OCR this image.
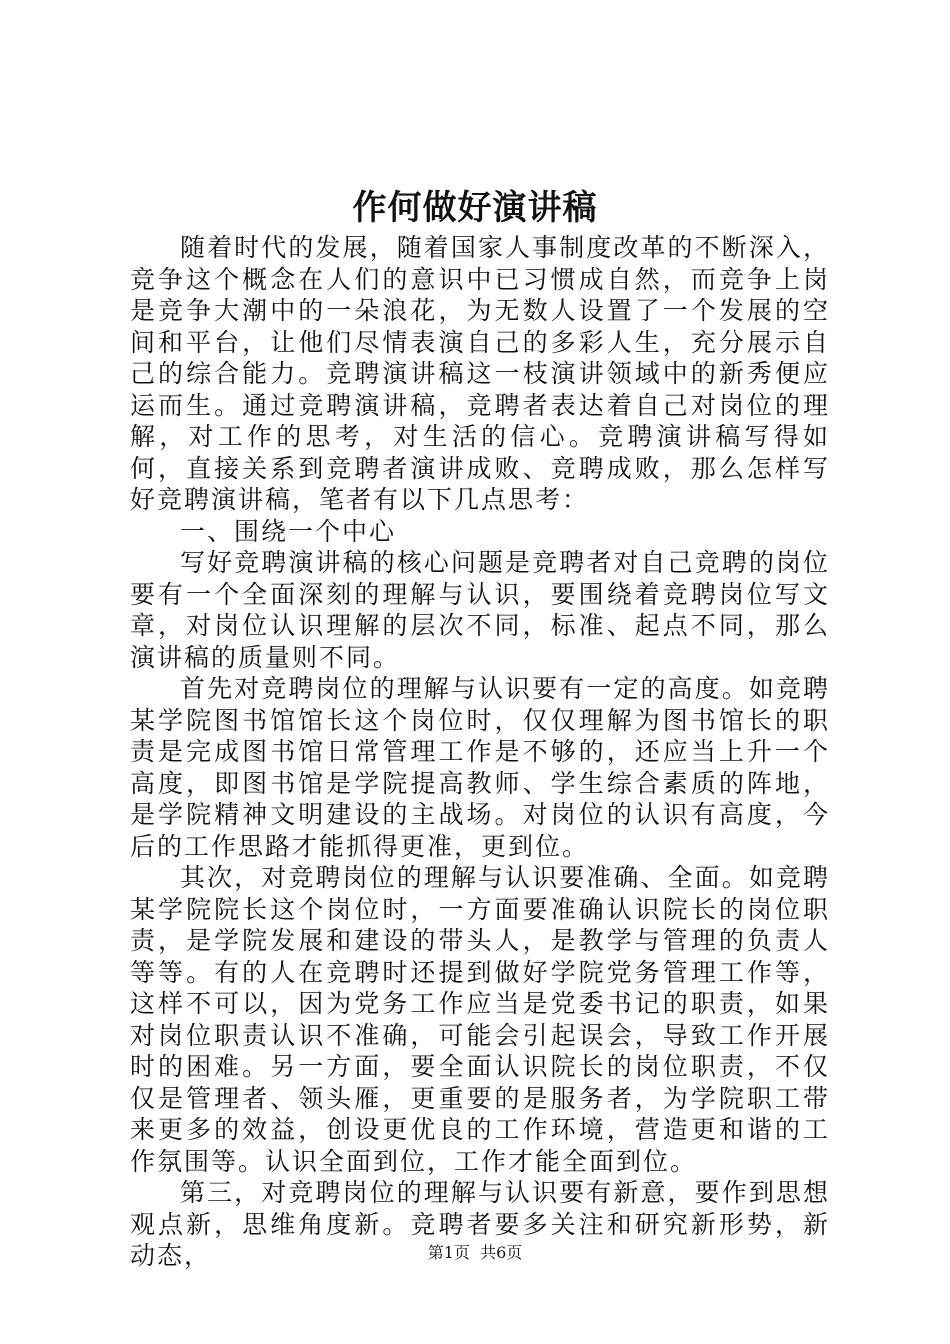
作何做好演讲稿

随着时代的发展，随着国家人事制度改革的不断深入，竞争这个概念在人们的意识中已习惯成自然，而竞争上岗是竞争大潮中的一朵浪花，为无数人设置了一个发展的空间和平台，让他们尽情表演自己的多彩人生，充分展示自己的综合能力。竞聘演讲稿这一枝演讲领域中的新秀便应运而生。通过竞聘演讲稿，竞聘者表达着自己对岗位的理解，对工作的思考，对生活的信心。竞聘演讲稿写得如何，直接关系到竞聘者演讲成败、竞聘成败，那么怎样写好竞聘演讲稿，笔者有以下几点思考：

一、围绕一个中心

写好竞聘演讲稿的核心问题是竞聘者对自己竞聘的岗位要有一个全面深刻的理解与认识，要围绕着竞聘岗位写文章，对岗位认识理解的层次不同，标准、起点不同，那么演讲稿的质量则不同。

首先对竞聘岗位的理解与认识要有一定的高度。如竞聘某学院图书馆馆长这个岗位时，仅仅理解为图书馆长的职责是完成图书馆日常管理工作是不够的，还应当上升一个高度，即图书馆是学院提高教师、学生综合素质的阵地，是学院精神文明建设的主战场。对岗位的认识有高度，今后的工作思路才能抓得更准，更到位。

其次，对竞聘岗位的理解与认识要准确、全面。如竞聘某学院院长这个岗位时，一方面要准确认识院长的岗位职责，是学院发展和建设的带头人，是教学与管理的负责人等等。有的人在竞聘时还提到做好学院党务管理工作等，这样不可以，因为党务工作应当是党委书记的职责，如果对岗位职责认识不准确，可能会引起误会，导致工作开展时的困难。另一方面，要全面认识院长的岗位职责，不仅仅是管理者、领头雁，更重要的是服务者，为学院职工带来更多的效益，创设更优良的工作环境，营造更和谐的工作氛围等。认识全面到位，工作才能全面到位。

第三，对竞聘岗位的理解与认识要有新意，要作到思想观点新，思维角度新。竞聘者要多关注和研究新形势，新动态，	第1页  共6页
